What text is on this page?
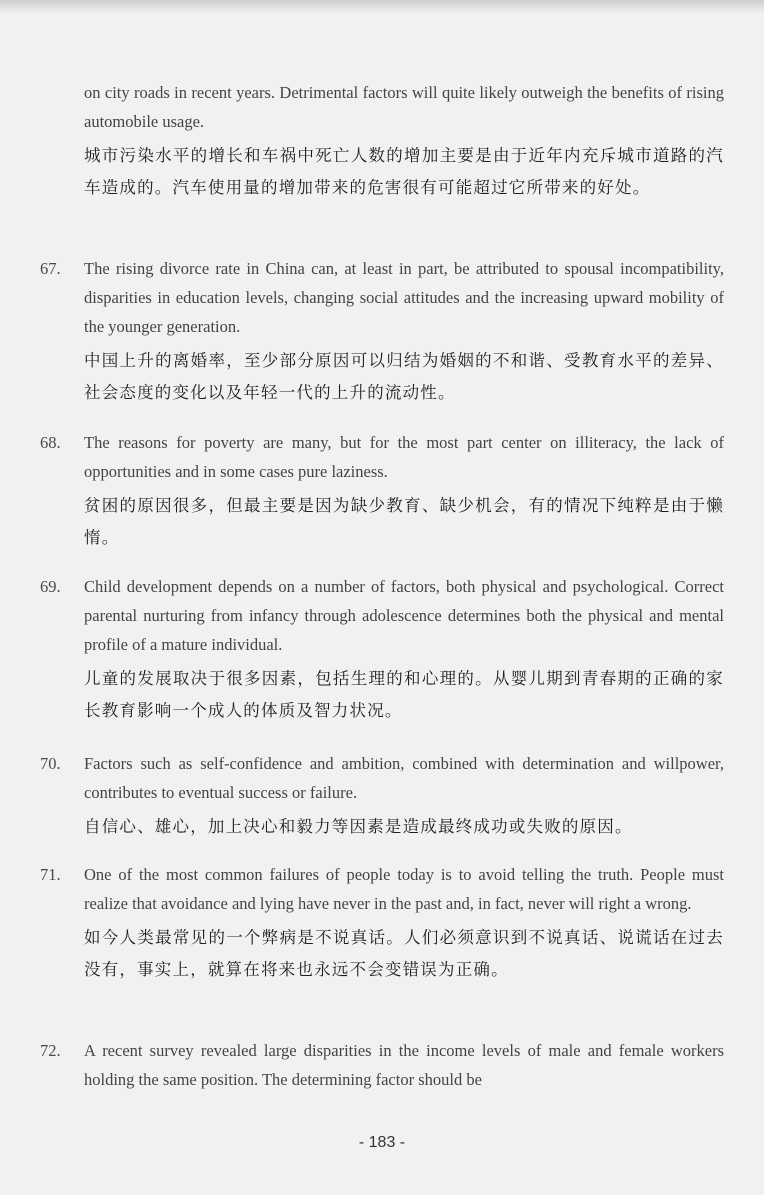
on city roads in recent years. Detrimental factors will quite likely outweigh the benefits of rising automobile usage.

城市污染水平的增长和车祸中死亡人数的增加主要是由于近年内充斥城市道路的汽车造成的。汽车使用量的增加带来的危害很有可能超过它所带来的好处。

67. The rising divorce rate in China can, at least in part, be attributed to spousal incompatibility, disparities in education levels, changing social attitudes and the increasing upward mobility of the younger generation.

中国上升的离婚率，至少部分原因可以归结为婚姻的不和谐、受教育水平的差异、社会态度的变化以及年轻一代的上升的流动性。

68. The reasons for poverty are many, but for the most part center on illiteracy, the lack of opportunities and in some cases pure laziness.

贫困的原因很多，但最主要是因为缺少教育、缺少机会，有的情况下纯粹是由于懒惰。

69. Child development depends on a number of factors, both physical and psychological. Correct parental nurturing from infancy through adolescence determines both the physical and mental profile of a mature individual.

儿童的发展取决于很多因素，包括生理的和心理的。从婴儿期到青春期的正确的家长教育影响一个成人的体质及智力状况。

70. Factors such as self-confidence and ambition, combined with determination and willpower, contributes to eventual success or failure.

自信心、雄心，加上决心和毅力等因素是造成最终成功或失败的原因。

71. One of the most common failures of people today is to avoid telling the truth. People must realize that avoidance and lying have never in the past and, in fact, never will right a wrong.

如今人类最常见的一个弊病是不说真话。人们必须意识到不说真话、说谎话在过去没有，事实上，就算在将来也永远不会变错误为正确。

72. A recent survey revealed large disparities in the income levels of male and female workers holding the same position. The determining factor should be

- 183 -
